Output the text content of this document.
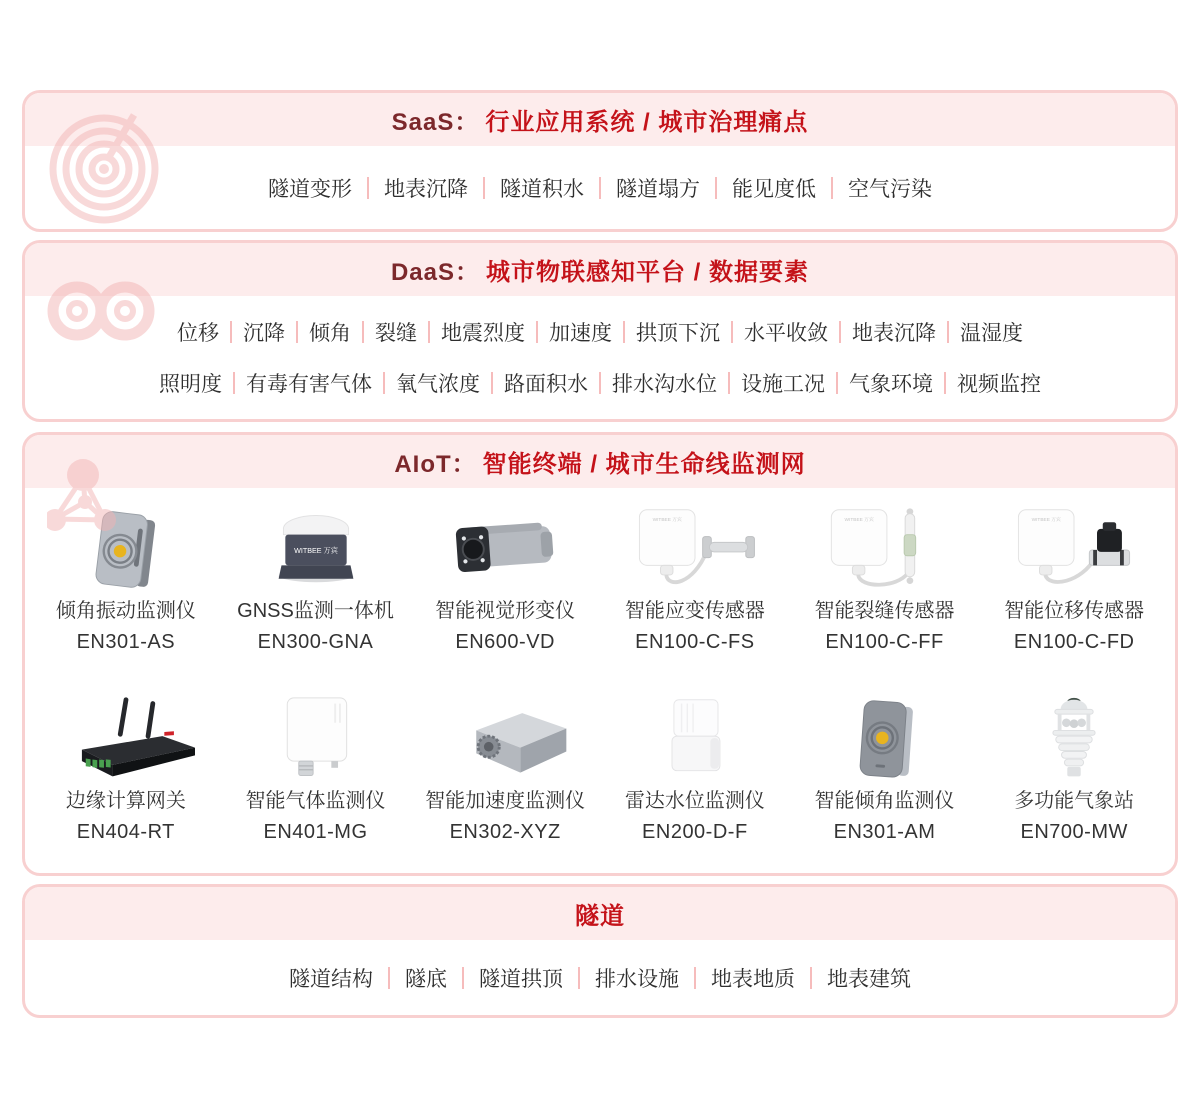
SaaS： 行业应用系统 / 城市治理痛点
隧道变形	地表沉降	隧道积水	隧道塌方	能见度低	空气污染
DaaS： 城市物联感知平台 / 数据要素
位移	沉降	倾角	裂缝	地震烈度	加速度	拱顶下沉	水平收敛	地表沉降	温湿度
照明度	有毒有害气体	氧气浓度	路面积水	排水沟水位	设施工况	气象环境	视频监控
AIoT： 智能终端 / 城市生命线监测网
倾角振动监测仪
EN301-AS
WITBEE 万宾
GNSS监测一体机
EN300-GNA
智能视觉形变仪
EN600-VD
WITBEE 万宾
智能应变传感器
EN100-C-FS
WITBEE 万宾
智能裂缝传感器
EN100-C-FF
WITBEE 万宾
智能位移传感器
EN100-C-FD
边缘计算网关
EN404-RT
智能气体监测仪
EN401-MG
智能加速度监测仪
EN302-XYZ
雷达水位监测仪
EN200-D-F
智能倾角监测仪
EN301-AM
多功能气象站
EN700-MW
隧道
隧道结构	隧底	隧道拱顶	排水设施	地表地质	地表建筑
